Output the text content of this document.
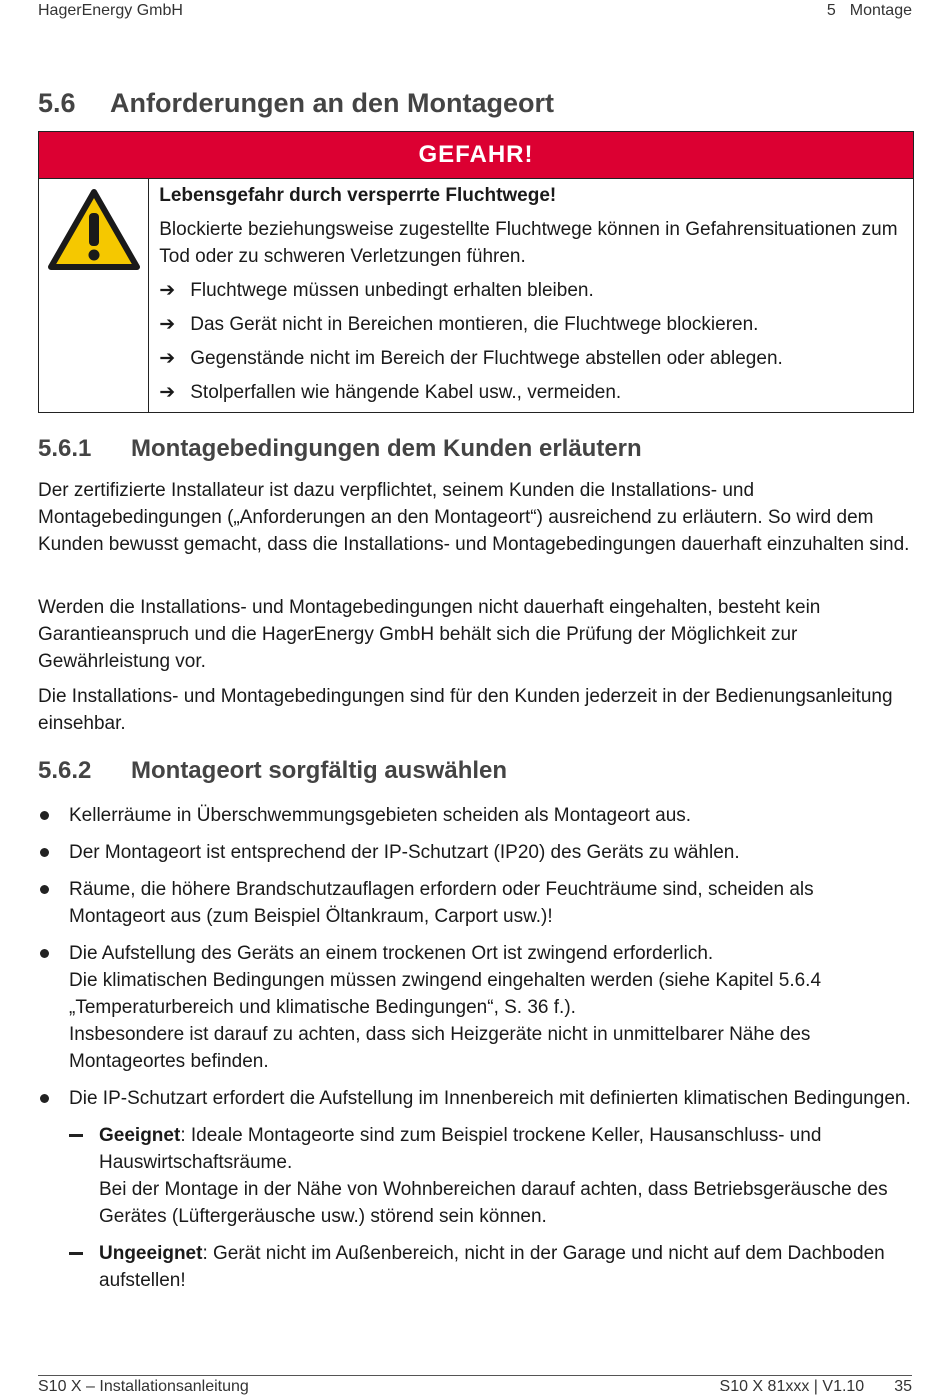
HagerEnergy GmbH	5 Montage
5.6 Anforderungen an den Montageort
GEFAHR!
Lebensgefahr durch versperrte Fluchtwege!
Blockierte beziehungsweise zugestellte Fluchtwege können in Gefahrensituationen zum Tod oder zu schweren Verletzungen führen.
➔ Fluchtwege müssen unbedingt erhalten bleiben.
➔ Das Gerät nicht in Bereichen montieren, die Fluchtwege blockieren.
➔ Gegenstände nicht im Bereich der Fluchtwege abstellen oder ablegen.
➔ Stolperfallen wie hängende Kabel usw., vermeiden.
5.6.1 Montagebedingungen dem Kunden erläutern

Der zertifizierte Installateur ist dazu verpflichtet, seinem Kunden die Installations- und Montagebedingungen („Anforderungen an den Montageort“) ausreichend zu erläutern. So wird dem Kunden bewusst gemacht, dass die Installations- und Montagebedingungen dauerhaft einzuhalten sind.

Werden die Installations- und Montagebedingungen nicht dauerhaft eingehalten, besteht kein Garantieanspruch und die HagerEnergy GmbH behält sich die Prüfung der Möglichkeit zur Gewährleistung vor.

Die Installations- und Montagebedingungen sind für den Kunden jederzeit in der Bedienungsanleitung einsehbar.

5.6.2 Montageort sorgfältig auswählen
Kellerräume in Überschwemmungsgebieten scheiden als Montageort aus.
Der Montageort ist entsprechend der IP-Schutzart (IP20) des Geräts zu wählen.
Räume, die höhere Brandschutzauflagen erfordern oder Feuchträume sind, scheiden als Montageort aus (zum Beispiel Öltankraum, Carport usw.)!
Die Aufstellung des Geräts an einem trockenen Ort ist zwingend erforderlich.
Die klimatischen Bedingungen müssen zwingend eingehalten werden (siehe Kapitel 5.6.4 „Temperaturbereich und klimatische Bedingungen“, S. 36 f.).
Insbesondere ist darauf zu achten, dass sich Heizgeräte nicht in unmittelbarer Nähe des Montageortes befinden.
Die IP-Schutzart erfordert die Aufstellung im Innenbereich mit definierten klimatischen Bedingungen.
Geeignet: Ideale Montageorte sind zum Beispiel trockene Keller, Hausanschluss- und Hauswirtschaftsräume.
Bei der Montage in der Nähe von Wohnbereichen darauf achten, dass Betriebsgeräusche des Gerätes (Lüftergeräusche usw.) störend sein können.
Ungeeignet: Gerät nicht im Außenbereich, nicht in der Garage und nicht auf dem Dachboden aufstellen!
S10 X – Installationsanleitung	S10 X 81xxx | V1.10 35
